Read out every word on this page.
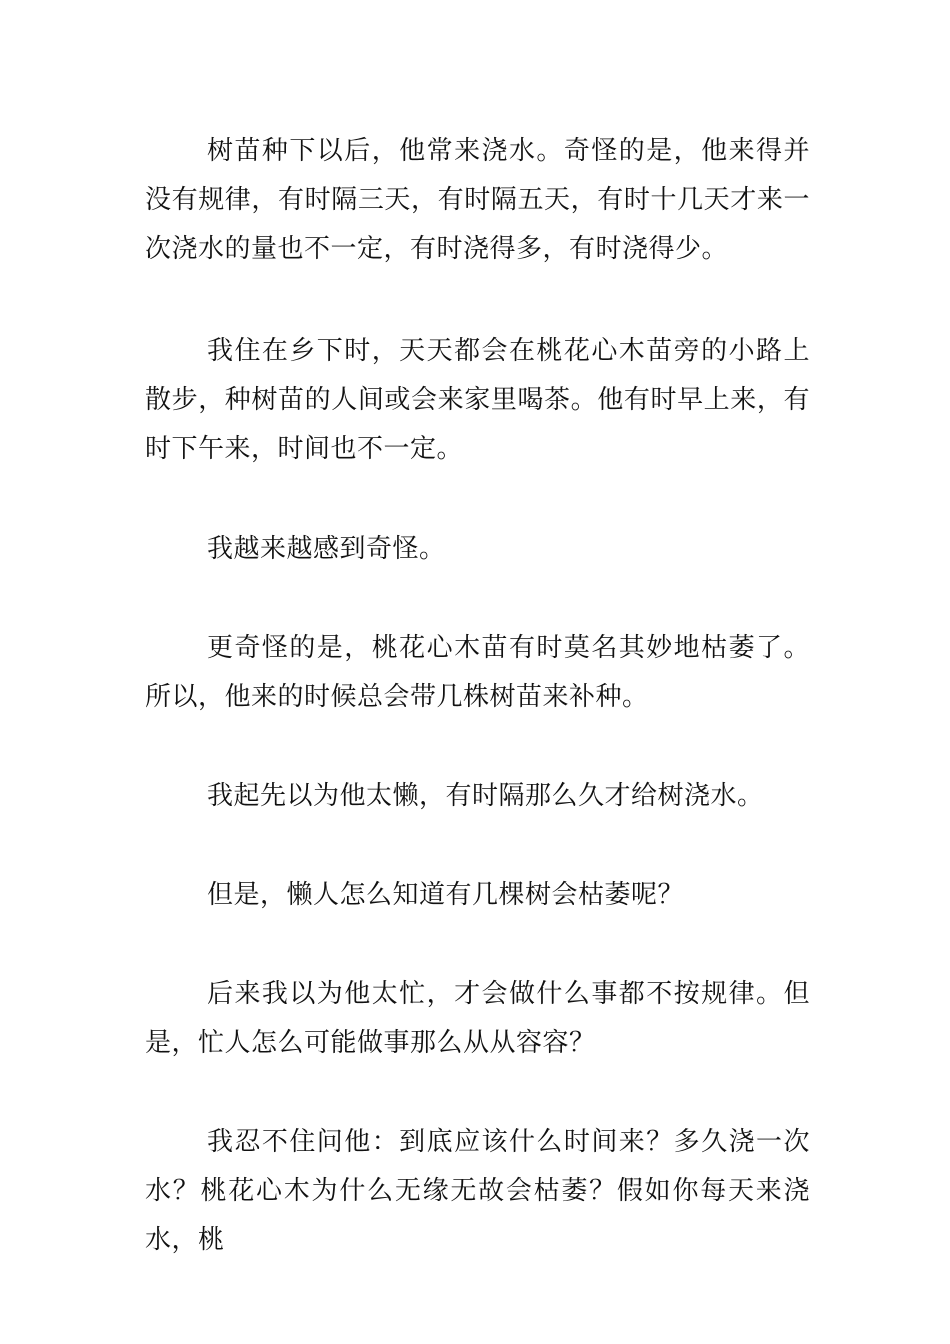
树苗种下以后，他常来浇水。奇怪的是，他来得并没有规律，有时隔三天，有时隔五天，有时十几天才来一次浇水的量也不一定，有时浇得多，有时浇得少。

我住在乡下时，天天都会在桃花心木苗旁的小路上散步，种树苗的人间或会来家里喝茶。他有时早上来，有时下午来，时间也不一定。

我越来越感到奇怪。

更奇怪的是，桃花心木苗有时莫名其妙地枯萎了。所以，他来的时候总会带几株树苗来补种。

我起先以为他太懒，有时隔那么久才给树浇水。

但是，懒人怎么知道有几棵树会枯萎呢？

后来我以为他太忙，才会做什么事都不按规律。但是，忙人怎么可能做事那么从从容容？

我忍不住问他：到底应该什么时间来？多久浇一次水？桃花心木为什么无缘无故会枯萎？假如你每天来浇水，桃
